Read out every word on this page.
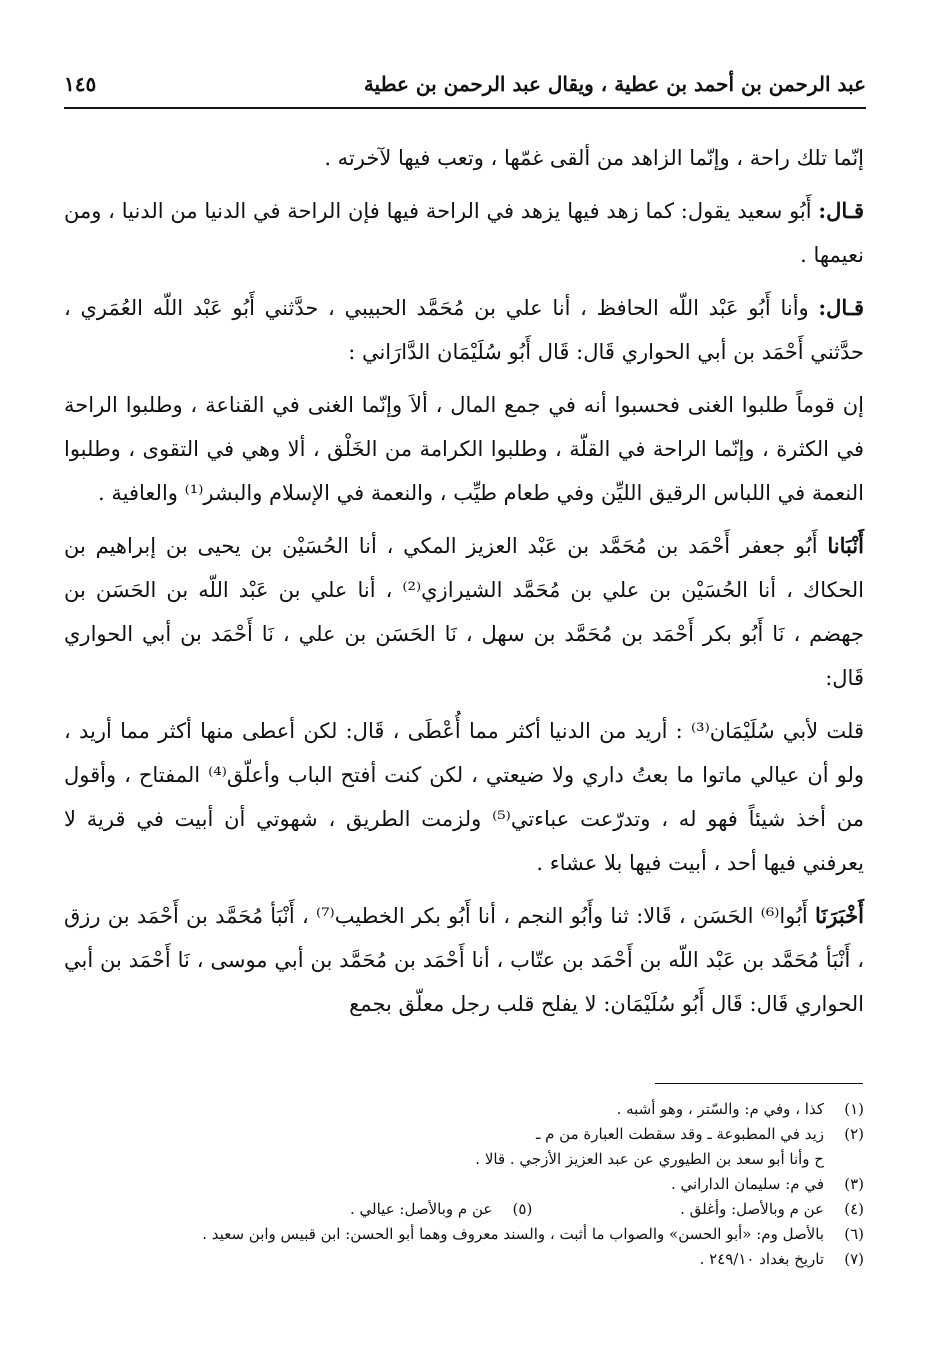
عبد الرحمن بن أحمد بن عطية ، ويقال عبد الرحمن بن عطية
١٤٥

إنّما تلك راحة ، وإنّما الزاهد من ألقى غمّها ، وتعب فيها لآخرته .

قـال: أَبُو سعيد يقول: كما زهد فيها يزهد في الراحة فيها فإن الراحة في الدنيا من الدنيا ، ومن نعيمها .

قـال: وأنا أَبُو عَبْد اللّه الحافظ ، أنا علي بن مُحَمَّد الحبيبي ، حدَّثني أَبُو عَبْد اللّه العُمَري ، حدَّثني أَحْمَد بن أبي الحواري قَال: قَال أَبُو سُلَيْمَان الدَّارَاني :

إن قوماً طلبوا الغنى فحسبوا أنه في جمع المال ، ألاَ وإنّما الغنى في القناعة ، وطلبوا الراحة في الكثرة ، وإنّما الراحة في القلّة ، وطلبوا الكرامة من الخَلْق ، ألا وهي في التقوى ، وطلبوا النعمة في اللباس الرقيق الليِّن وفي طعام طيِّب ، والنعمة في الإسلام والبشر⁽¹⁾ والعافية .

أَنْبَانا أَبُو جعفر أَحْمَد بن مُحَمَّد بن عَبْد العزيز المكي ، أنا الحُسَيْن بن يحيى بن إبراهيم بن الحكاك ، أنا الحُسَيْن بن علي بن مُحَمَّد الشيرازي⁽²⁾ ، أنا علي بن عَبْد اللّه بن الحَسَن بن جهضم ، نَا أَبُو بكر أَحْمَد بن مُحَمَّد بن سهل ، نَا الحَسَن بن علي ، نَا أَحْمَد بن أبي الحواري قَال:

قلت لأبي سُلَيْمَان⁽³⁾ : أريد من الدنيا أكثر مما أُعْطَى ، قَال: لكن أعطى منها أكثر مما أريد ، ولو أن عيالي ماتوا ما بعتُ داري ولا ضيعتي ، لكن كنت أفتح الباب وأعلّق⁽⁴⁾ المفتاح ، وأقول من أخذ شيئاً فهو له ، وتدرّعت عباءتي⁽⁵⁾ ولزمت الطريق ، شهوتي أن أبيت في قرية لا يعرفني فيها أحد ، أبيت فيها بلا عشاء .

أَخْبَرَنَا أَبُوا⁽⁶⁾ الحَسَن ، قَالا: ثنا وأَبُو النجم ، أنا أَبُو بكر الخطيب⁽⁷⁾ ، أَنْبَأ مُحَمَّد بن أَحْمَد بن رزق ، أَنْبَأ مُحَمَّد بن عَبْد اللّه بن أَحْمَد بن عتّاب ، أنا أَحْمَد بن مُحَمَّد بن أبي موسى ، نَا أَحْمَد بن أبي الحواري قَال: قَال أَبُو سُلَيْمَان: لا يفلح قلب رجل معلّق بجمع

(١)كذا ، وفي م: والسّتر ، وهو أشبه .
(٢)زيد في المطبوعة ـ وقد سقطت العبارة من م ـ
ح وأنا أبو سعد بن الطيوري عن عبد العزيز الأزجي . قالا .
(٣)في م: سليمان الداراني .
(٤)عن م وبالأصل: وأغلق .
(٥)عن م وبالأصل: عيالي .
(٦)بالأصل وم: «أبو الحسن» والصواب ما أثبت ، والسند معروف وهما أبو الحسن: ابن قبيس وابن سعيد .
(٧)تاريخ بغداد ٢٤٩/١٠ .
